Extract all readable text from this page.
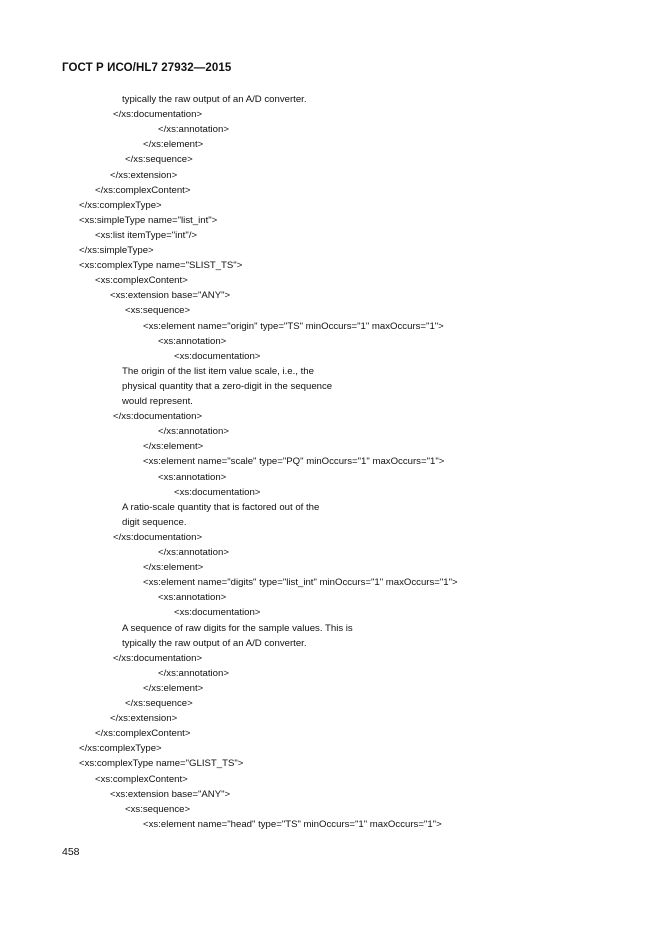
ГОСТ Р ИСО/HL7 27932—2015
typically the raw output of an A/D converter.
</xs:documentation>
</xs:annotation>
</xs:element>
</xs:sequence>
</xs:extension>
</xs:complexContent>
</xs:complexType>
<xs:simpleType name="list_int">
<xs:list itemType="int"/>
</xs:simpleType>
<xs:complexType name="SLIST_TS">
<xs:complexContent>
<xs:extension base="ANY">
<xs:sequence>
<xs:element name="origin" type="TS" minOccurs="1" maxOccurs="1">
<xs:annotation>
<xs:documentation>
The origin of the list item value scale, i.e., the
physical quantity that a zero-digit in the sequence
would represent.
</xs:documentation>
</xs:annotation>
</xs:element>
<xs:element name="scale" type="PQ" minOccurs="1" maxOccurs="1">
<xs:annotation>
<xs:documentation>
A ratio-scale quantity that is factored out of the
digit sequence.
</xs:documentation>
</xs:annotation>
</xs:element>
<xs:element name="digits" type="list_int" minOccurs="1" maxOccurs="1">
<xs:annotation>
<xs:documentation>
A sequence of raw digits for the sample values. This is
typically the raw output of an A/D converter.
</xs:documentation>
</xs:annotation>
</xs:element>
</xs:sequence>
</xs:extension>
</xs:complexContent>
</xs:complexType>
<xs:complexType name="GLIST_TS">
<xs:complexContent>
<xs:extension base="ANY">
<xs:sequence>
<xs:element name="head" type="TS" minOccurs="1" maxOccurs="1">
458
